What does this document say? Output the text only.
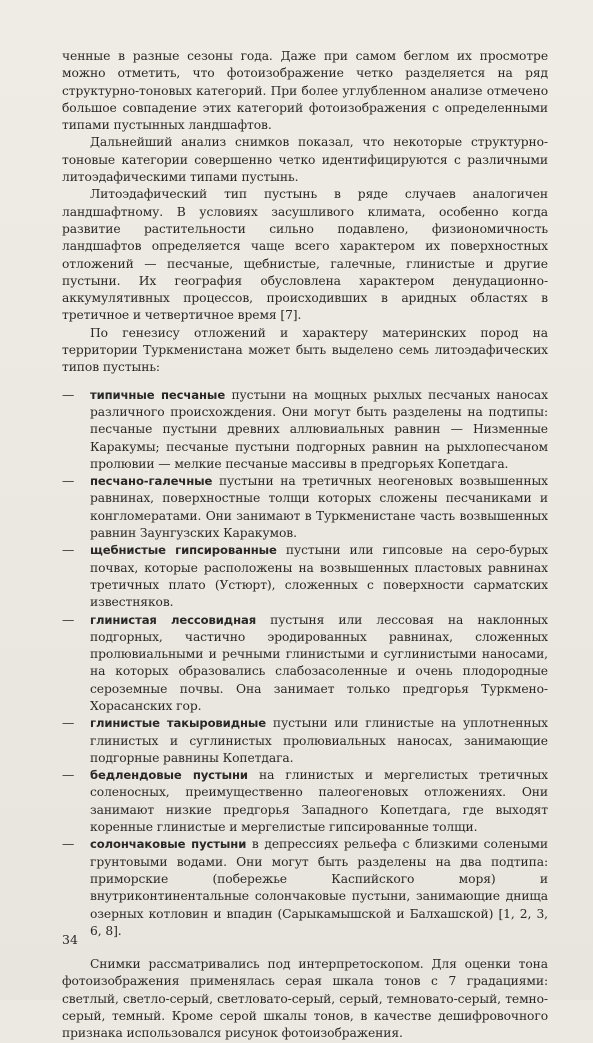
ченные в разные сезоны года. Даже при самом беглом их просмотре можно отметить, что фотоизображение четко разделяется на ряд структурно-тоновых категорий. При более углубленном анализе отмечено большое совпадение этих категорий фотоизображения с определенными типами пустынных ландшафтов.

Дальнейший анализ снимков показал, что некоторые структурно-тоновые категории совершенно четко идентифицируются с различными литоэдафическими типами пустынь.

Литоэдафический тип пустынь в ряде случаев аналогичен ландшафтному. В условиях засушливого климата, особенно когда развитие растительности сильно подавлено, физиономичность ландшафтов определяется чаще всего характером их поверхностных отложений — песчаные, щебнистые, галечные, глинистые и другие пустыни. Их география обусловлена характером денудационно-аккумулятивных процессов, происходивших в аридных областях в третичное и четвертичное время [7].

По генезису отложений и характеру материнских пород на территории Туркменистана может быть выделено семь литоэдафических типов пустынь:

—	типичные песчаные пустыни на мощных рыхлых песчаных наносах различного происхождения. Они могут быть разделены на подтипы: песчаные пустыни древних аллювиальных равнин — Низменные Каракумы; песчаные пустыни подгорных равнин на рыхлопесчаном пролювии — мелкие песчаные массивы в предгорьях Копетдага.
—	песчано-галечные пустыни на третичных неогеновых возвышенных равнинах, поверхностные толщи которых сложены песчаниками и конгломератами. Они занимают в Туркменистане часть возвышенных равнин Заунгузских Каракумов.
—	щебнистые гипсированные пустыни или гипсовые на серо-бурых почвах, которые расположены на возвышенных пластовых равнинах третичных плато (Устюрт), сложенных с поверхности сарматских известняков.
—	глинистая лессовидная пустыня или лессовая на наклонных подгорных, частично эродированных равнинах, сложенных пролювиальными и речными глинистыми и суглинистыми наносами, на которых образовались слабозасоленные и очень плодородные сероземные почвы. Она занимает только предгорья Туркмено-Хорасанских гор.
—	глинистые такыровидные пустыни или глинистые на уплотненных глинистых и суглинистых пролювиальных наносах, занимающие подгорные равнины Копетдага.
—	бедлендовые пустыни на глинистых и мергелистых третичных соленосных, преимущественно палеогеновых отложениях. Они занимают низкие предгорья Западного Копетдага, где выходят коренные глинистые и мергелистые гипсированные толщи.
—	солончаковые пустыни в депрессиях рельефа с близкими солеными грунтовыми водами. Они могут быть разделены на два подтипа: приморские (побережье Каспийского моря) и внутриконтинентальные солончаковые пустыни, занимающие днища озерных котловин и впадин (Сарыкамышской и Балхашской) [1, 2, 3, 6, 8].

Снимки рассматривались под интерпретоскопом. Для оценки тона фотоизображения применялась серая шкала тонов с 7 градациями: светлый, светло-серый, светловато-серый, серый, темновато-серый, темно-серый, темный. Кроме серой шкалы тонов, в качестве дешифровочного признака использовался рисунок фотоизображения.

34
